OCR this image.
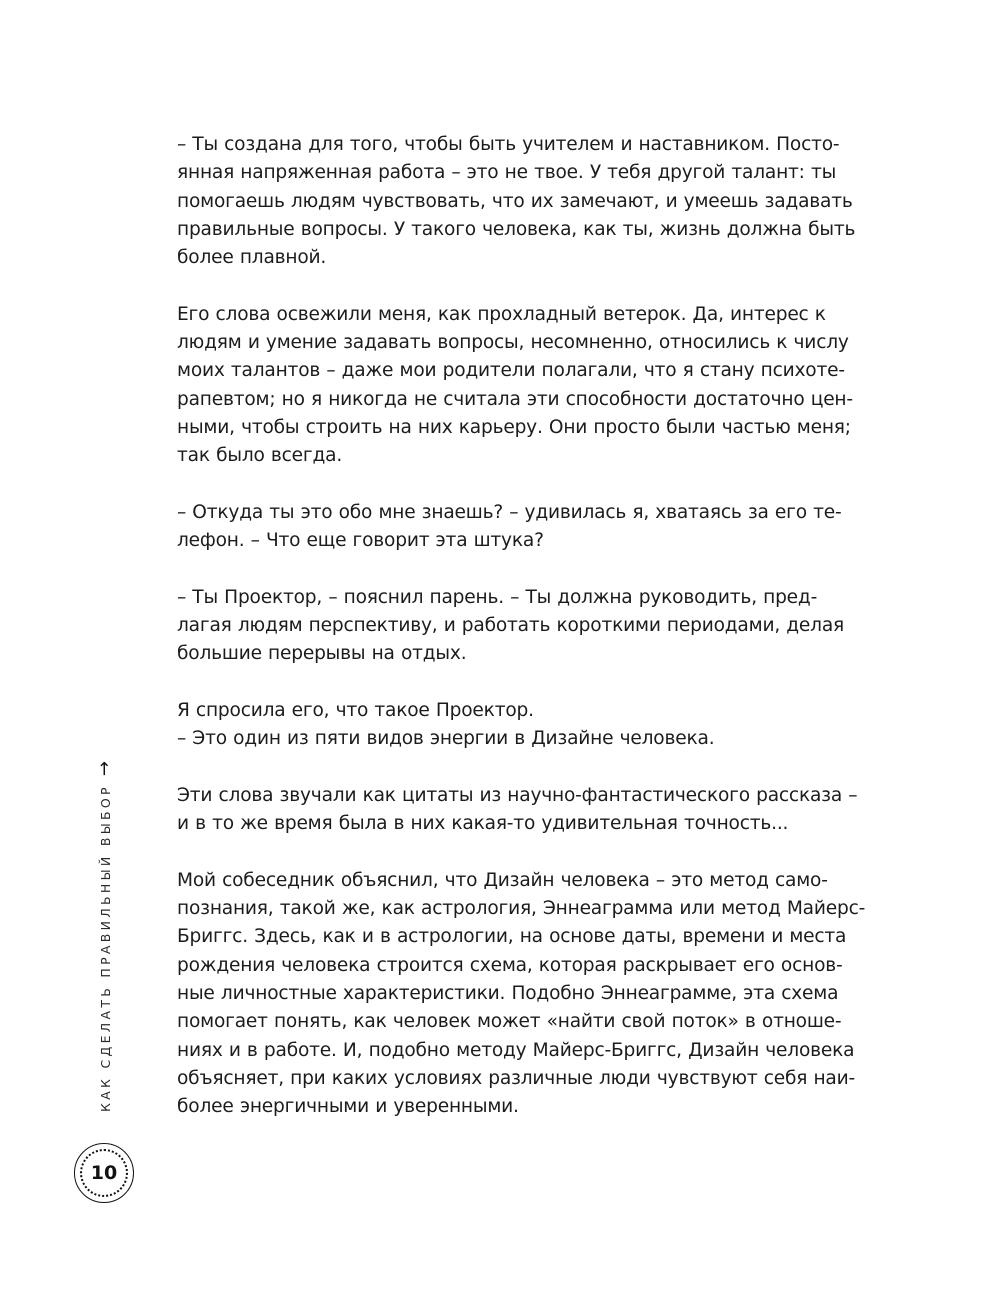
– Ты создана для того, чтобы быть учителем и наставником. Посто-
янная напряженная работа – это не твое. У тебя другой талант: ты
помогаешь людям чувствовать, что их замечают, и умеешь задавать
правильные вопросы. У такого человека, как ты, жизнь должна быть
более плавной.

Его слова освежили меня, как прохладный ветерок. Да, интерес к
людям и умение задавать вопросы, несомненно, относились к числу
моих талантов – даже мои родители полагали, что я стану психоте-
рапевтом; но я никогда не считала эти способности достаточно цен-
ными, чтобы строить на них карьеру. Они просто были частью меня;
так было всегда.

– Откуда ты это обо мне знаешь? – удивилась я, хватаясь за его те-
лефон. – Что еще говорит эта штука?

– Ты Проектор, – пояснил парень. – Ты должна руководить, пред-
лагая людям перспективу, и работать короткими периодами, делая
большие перерывы на отдых.

Я спросила его, что такое Проектор.
– Это один из пяти видов энергии в Дизайне человека.

Эти слова звучали как цитаты из научно-фантастического рассказа –
и в то же время была в них какая-то удивительная точность...

Мой собеседник объяснил, что Дизайн человека – это метод само-
познания, такой же, как астрология, Эннеаграмма или метод Майерс-
Бриггс. Здесь, как и в астрологии, на основе даты, времени и места
рождения человека строится схема, которая раскрывает его основ-
ные личностные характеристики. Подобно Эннеаграмме, эта схема
помогает понять, как человек может «найти свой поток» в отноше-
ниях и в работе. И, подобно методу Майерс-Бриггс, Дизайн человека
объясняет, при каких условиях различные люди чувствуют себя наи-
более энергичными и уверенными.

КАК СДЕЛАТЬ ПРАВИЛЬНЫЙ ВЫБОР
→
10
